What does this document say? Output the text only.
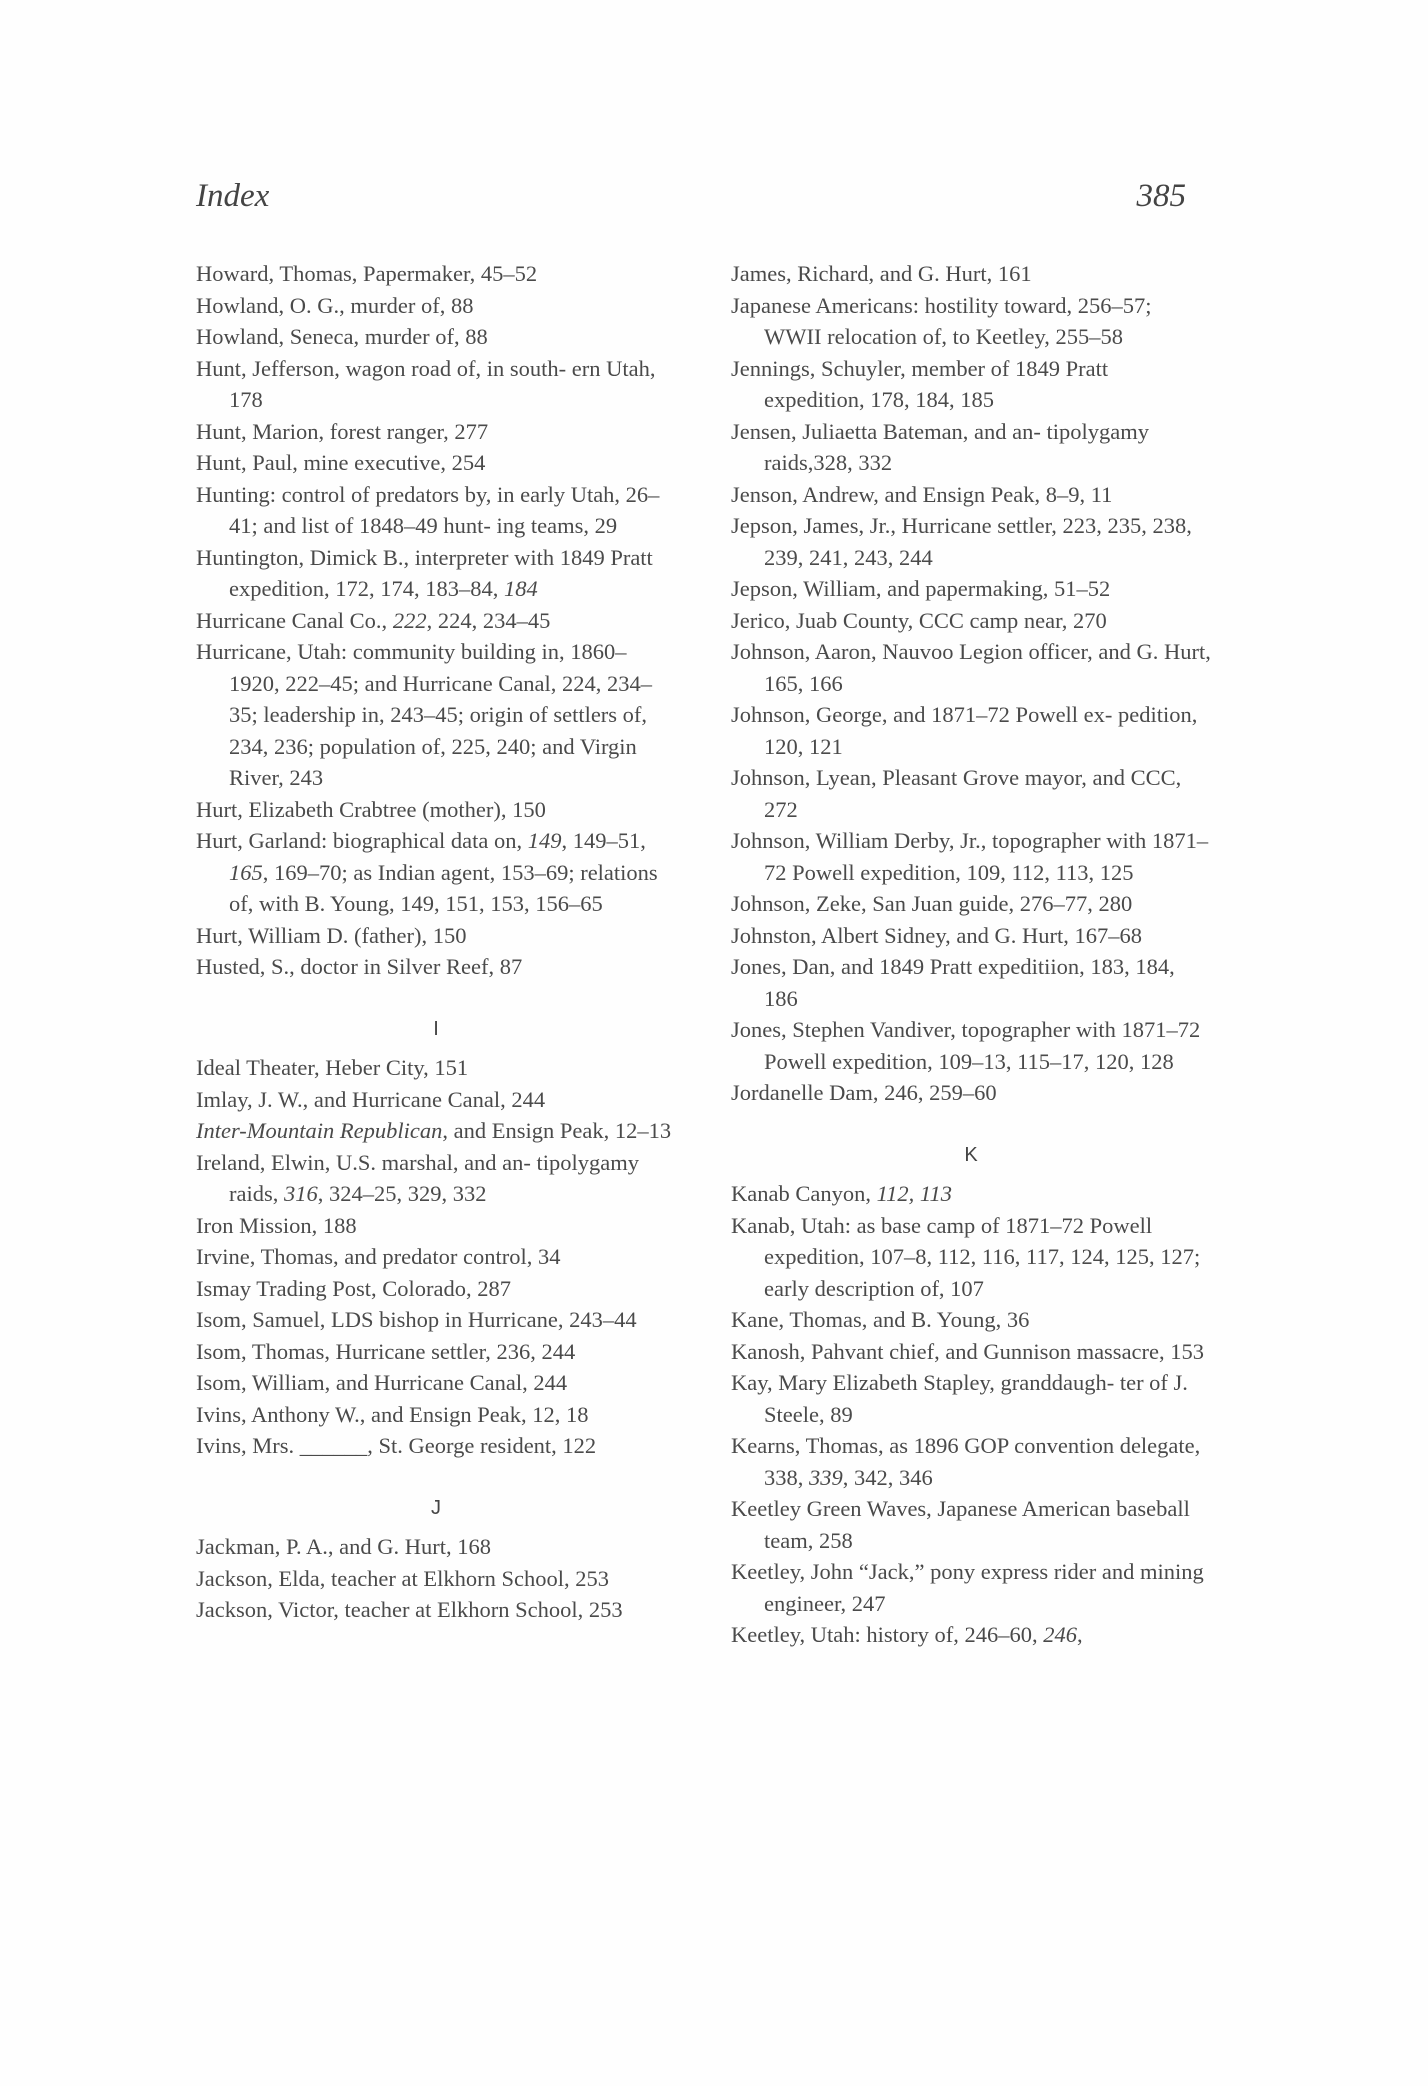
Index	385

Howard, Thomas, Papermaker, 45–52

Howland, O. G., murder of, 88

Howland, Seneca, murder of, 88

Hunt, Jefferson, wagon road of, in south- ern Utah, 178

Hunt, Marion, forest ranger, 277

Hunt, Paul, mine executive, 254

Hunting: control of predators by, in early Utah, 26–41; and list of 1848–49 hunt- ing teams, 29

Huntington, Dimick B., interpreter with 1849 Pratt expedition, 172, 174, 183–84, 184

Hurricane Canal Co., 222, 224, 234–45

Hurricane, Utah: community building in, 1860–1920, 222–45; and Hurricane Canal, 224, 234–35; leadership in, 243–45; origin of settlers of, 234, 236; population of, 225, 240; and Virgin River, 243

Hurt, Elizabeth Crabtree (mother), 150

Hurt, Garland: biographical data on, 149, 149–51, 165, 169–70; as Indian agent, 153–69; relations of, with B. Young, 149, 151, 153, 156–65

Hurt, William D. (father), 150

Husted, S., doctor in Silver Reef, 87

I

Ideal Theater, Heber City, 151

Imlay, J. W., and Hurricane Canal, 244

Inter-Mountain Republican, and Ensign Peak, 12–13

Ireland, Elwin, U.S. marshal, and an- tipolygamy raids, 316, 324–25, 329, 332

Iron Mission, 188

Irvine, Thomas, and predator control, 34

Ismay Trading Post, Colorado, 287

Isom, Samuel, LDS bishop in Hurricane, 243–44

Isom, Thomas, Hurricane settler, 236, 244

Isom, William, and Hurricane Canal, 244

Ivins, Anthony W., and Ensign Peak, 12, 18

Ivins, Mrs. ______, St. George resident, 122

J

Jackman, P. A., and G. Hurt, 168

Jackson, Elda, teacher at Elkhorn School, 253

Jackson, Victor, teacher at Elkhorn School, 253

James, Richard, and G. Hurt, 161

Japanese Americans: hostility toward, 256–57; WWII relocation of, to Keetley, 255–58

Jennings, Schuyler, member of 1849 Pratt expedition, 178, 184, 185

Jensen, Juliaetta Bateman, and an- tipolygamy raids,328, 332

Jenson, Andrew, and Ensign Peak, 8–9, 11

Jepson, James, Jr., Hurricane settler, 223, 235, 238, 239, 241, 243, 244

Jepson, William, and papermaking, 51–52

Jerico, Juab County, CCC camp near, 270

Johnson, Aaron, Nauvoo Legion officer, and G. Hurt, 165, 166

Johnson, George, and 1871–72 Powell ex- pedition, 120, 121

Johnson, Lyean, Pleasant Grove mayor, and CCC, 272

Johnson, William Derby, Jr., topographer with 1871–72 Powell expedition, 109, 112, 113, 125

Johnson, Zeke, San Juan guide, 276–77, 280

Johnston, Albert Sidney, and G. Hurt, 167–68

Jones, Dan, and 1849 Pratt expeditiion, 183, 184, 186

Jones, Stephen Vandiver, topographer with 1871–72 Powell expedition, 109–13, 115–17, 120, 128

Jordanelle Dam, 246, 259–60

K

Kanab Canyon, 112, 113

Kanab, Utah: as base camp of 1871–72 Powell expedition, 107–8, 112, 116, 117, 124, 125, 127; early description of, 107

Kane, Thomas, and B. Young, 36

Kanosh, Pahvant chief, and Gunnison massacre, 153

Kay, Mary Elizabeth Stapley, granddaugh- ter of J. Steele, 89

Kearns, Thomas, as 1896 GOP convention delegate, 338, 339, 342, 346

Keetley Green Waves, Japanese American baseball team, 258

Keetley, John “Jack,” pony express rider and mining engineer, 247

Keetley, Utah: history of, 246–60, 246,
